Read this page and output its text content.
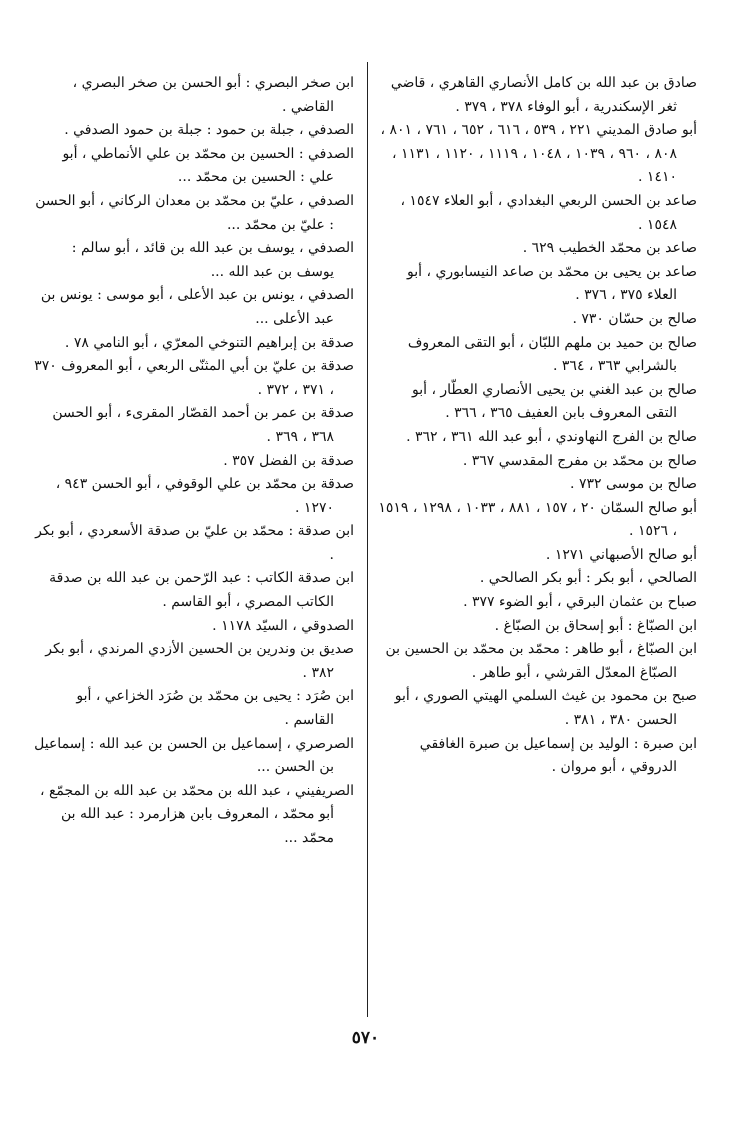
صادق بن عبد الله بن كامل الأنصاري القاهري ، قاضي ثغر الإسكندرية ، أبو الوفاء ٣٧٨ ، ٣٧٩ .

أبو صادق المديني ٢٢١ ، ٥٣٩ ، ٦١٦ ، ٦٥٢ ، ٧٦١ ، ٨٠١ ، ٨٠٨ ، ٩٦٠ ، ١٠٣٩ ، ١٠٤٨ ، ١١١٩ ، ١١٢٠ ، ١١٣١ ، ١٤١٠ .

صاعد بن الحسن الربعي البغدادي ، أبو العلاء ١٥٤٧ ، ١٥٤٨ .

صاعد بن محمّد الخطيب ٦٢٩ .

صاعد بن يحيى بن محمّد بن صاعد النيسابوري ، أبو العلاء ٣٧٥ ، ٣٧٦ .

صالح بن حسّان ٧٣٠ .

صالح بن حميد بن ملهم اللبّان ، أبو التقى المعروف بالشرابي ٣٦٣ ، ٣٦٤ .

صالح بن عبد الغني بن يحيى الأنصاري العطّار ، أبو التقى المعروف بابن العفيف ٣٦٥ ، ٣٦٦ .

صالح بن الفرج النهاوندي ، أبو عبد الله ٣٦١ ، ٣٦٢ .

صالح بن محمّد بن مفرج المقدسي ٣٦٧ .

صالح بن موسى ٧٣٢ .

أبو صالح السمّان ٢٠ ، ١٥٧ ، ٨٨١ ، ١٠٣٣ ، ١٢٩٨ ، ١٥١٩ ، ١٥٢٦ .

أبو صالح الأصبهاني ١٢٧١ .

الصالحي ، أبو بكر : أبو بكر الصالحي .

صباح بن عثمان البرقي ، أبو الضوء ٣٧٧ .

ابن الصبّاغ : أبو إسحاق بن الصبّاغ .

ابن الصبّاغ ، أبو طاهر : محمّد بن محمّد بن الحسين بن الصبّاغ المعدّل القرشي ، أبو طاهر .

صبح بن محمود بن غيث السلمي الهيتي الصوري ، أبو الحسن ٣٨٠ ، ٣٨١ .

ابن صبرة : الوليد بن إسماعيل بن صبرة الغافقي الدروقي ، أبو مروان .

ابن صخر البصري : أبو الحسن بن صخر البصري ، القاضي .

الصدفي ، جبلة بن حمود : جبلة بن حمود الصدفي .

الصدفي : الحسين بن محمّد بن علي الأنماطي ، أبو علي : الحسين بن محمّد ...

الصدفي ، عليّ بن محمّد بن معدان الركاني ، أبو الحسن : عليّ بن محمّد ...

الصدفي ، يوسف بن عبد الله بن قائد ، أبو سالم : يوسف بن عبد الله ...

الصدفي ، يونس بن عبد الأعلى ، أبو موسى : يونس بن عبد الأعلى ...

صدقة بن إبراهيم التنوخي المعرّي ، أبو النامي ٧٨ .

صدقة بن عليّ بن أبي المثنّى الربعي ، أبو المعروف ٣٧٠ ، ٣٧١ ، ٣٧٢ .

صدقة بن عمر بن أحمد القصّار المقرىء ، أبو الحسن ٣٦٨ ، ٣٦٩ .

صدقة بن الفضل ٣٥٧ .

صدقة بن محمّد بن علي الوقوفي ، أبو الحسن ٩٤٣ ، ١٢٧٠ .

ابن صدقة : محمّد بن عليّ بن صدقة الأسعردي ، أبو بكر .

ابن صدقة الكاتب : عبد الرّحمن بن عبد الله بن صدقة الكاتب المصري ، أبو القاسم .

الصدوقي ، السيّد ١١٧٨ .

صديق بن وندرين بن الحسين الأزدي المرندي ، أبو بكر ٣٨٢ .

ابن صُرَد : يحيى بن محمّد بن صُرَد الخزاعي ، أبو القاسم .

الصرصري ، إسماعيل بن الحسن بن عبد الله : إسماعيل بن الحسن ...

الصريفيني ، عبد الله بن محمّد بن عبد الله بن المجمّع ، أبو محمّد ، المعروف بابن هزارمرد : عبد الله بن محمّد ...

٥٧٠
